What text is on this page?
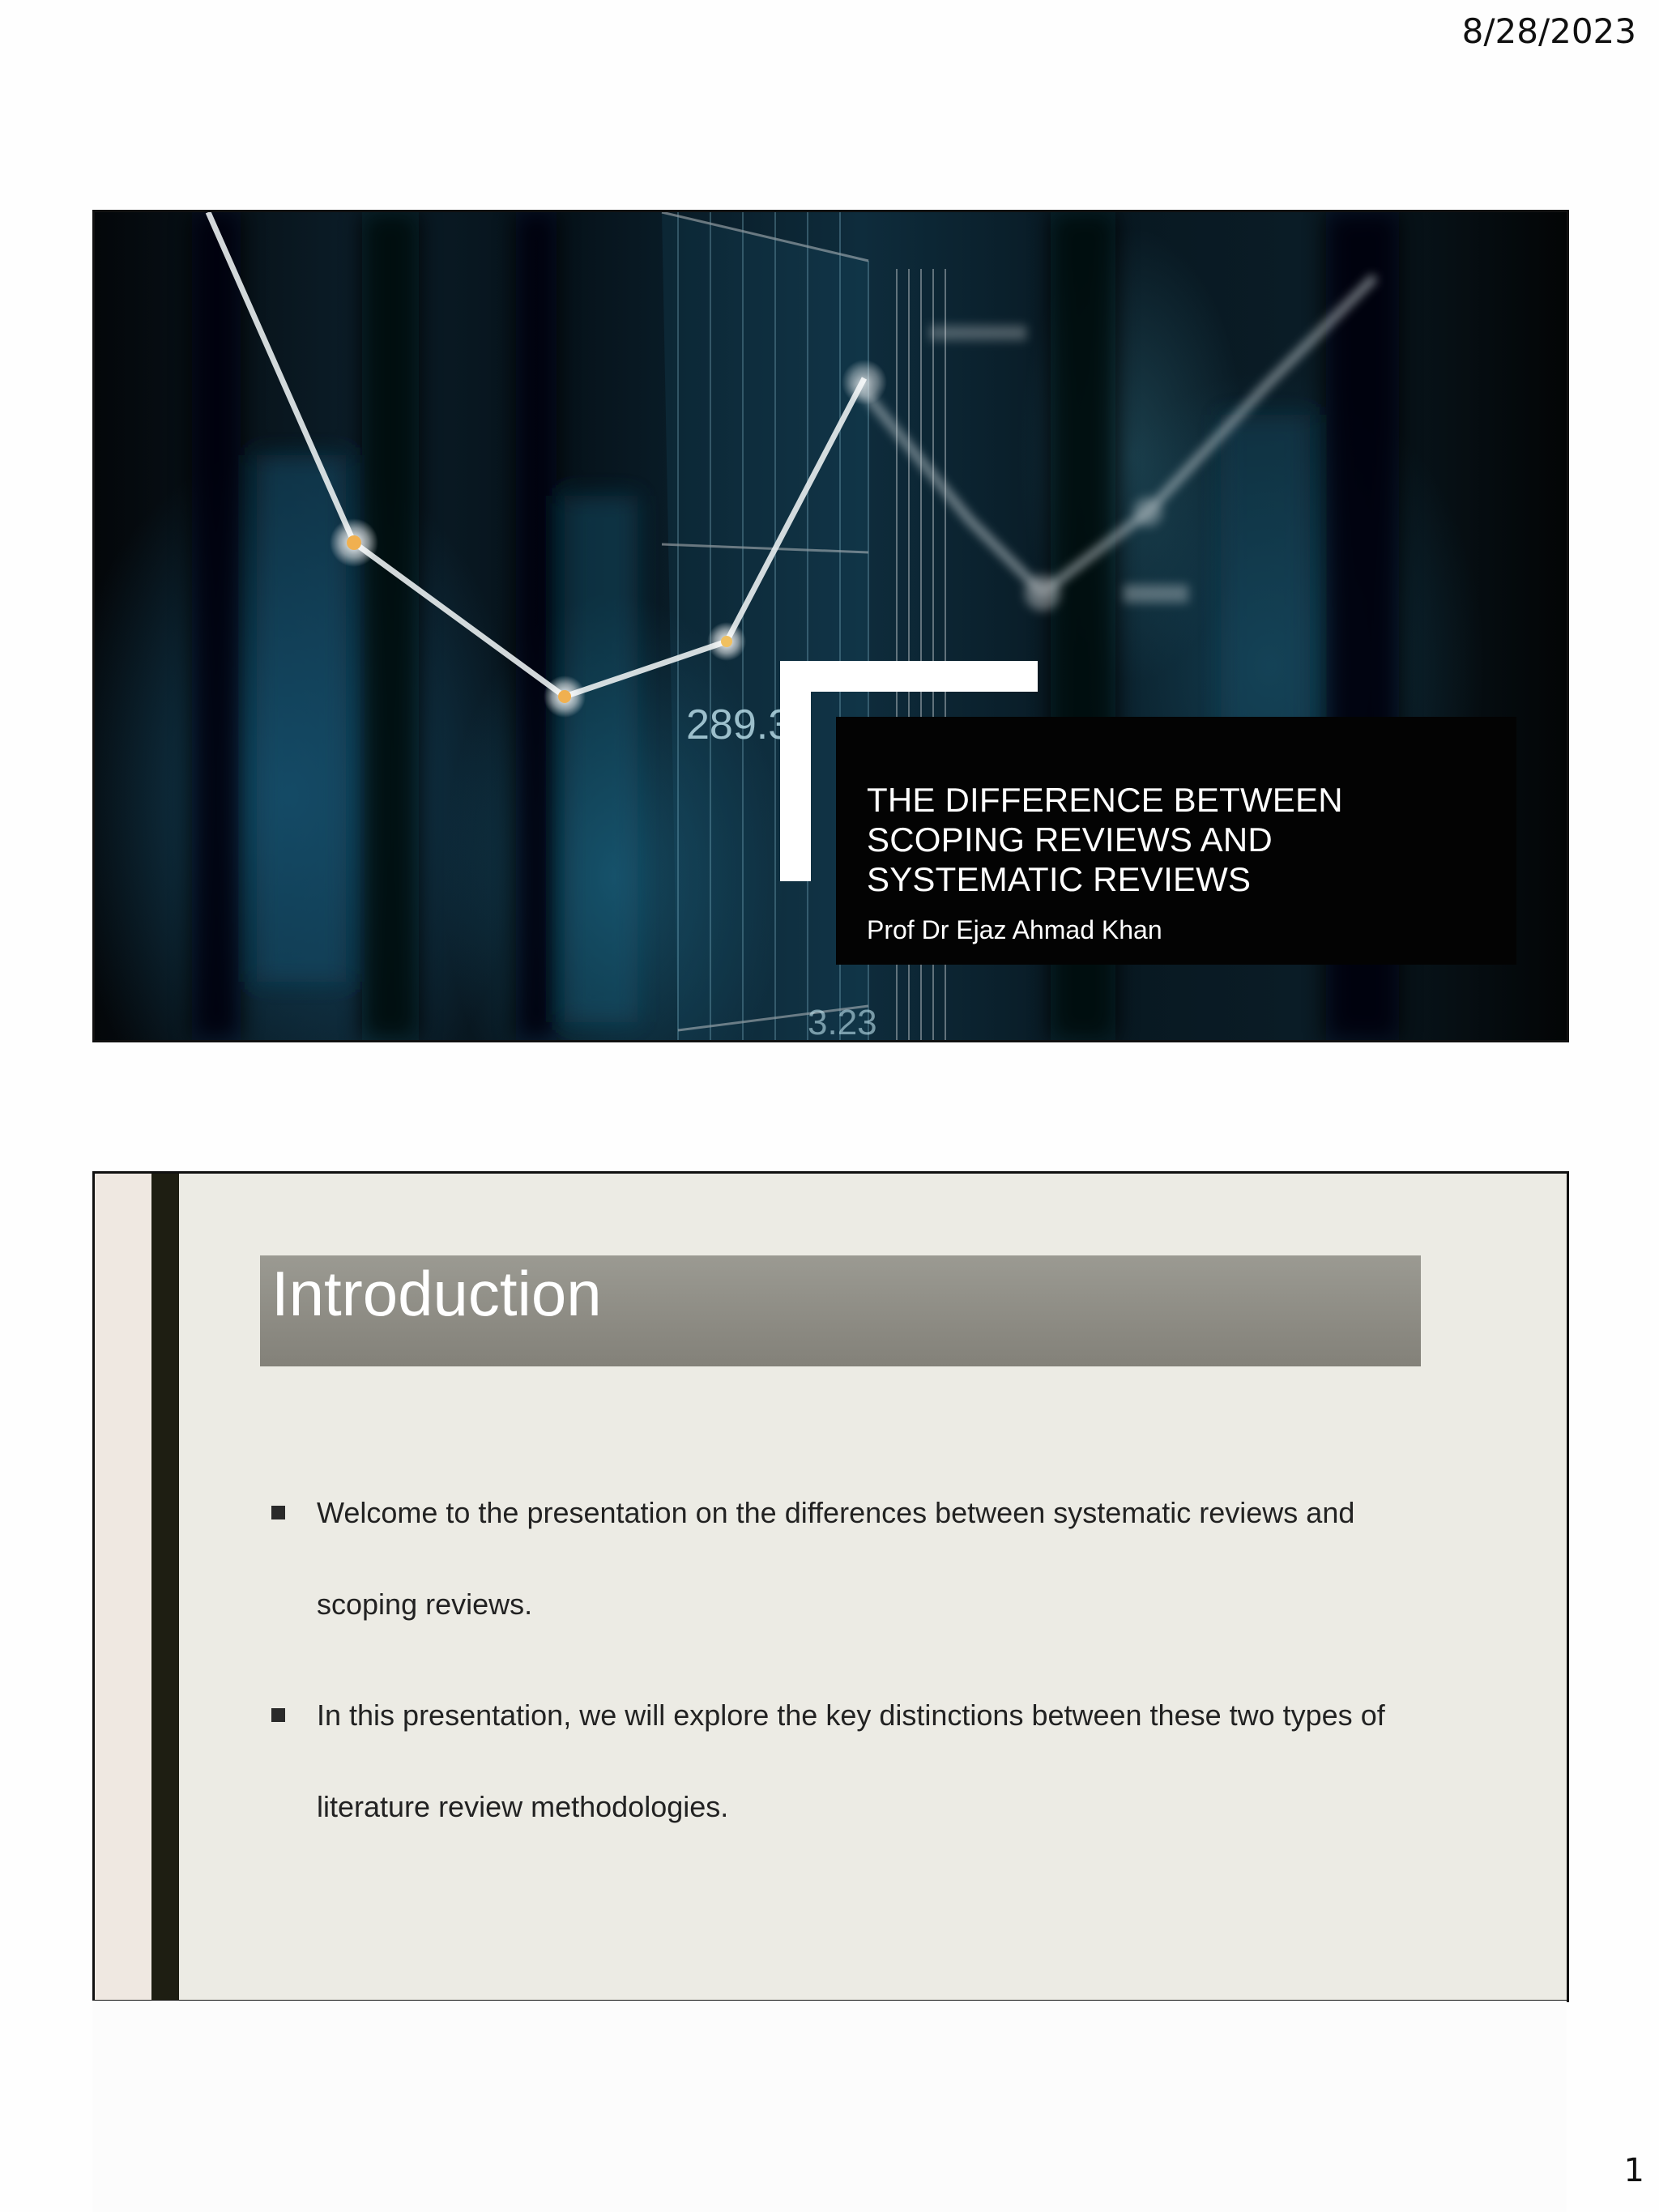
8/28/2023
289.3
3.23
THE DIFFERENCE BETWEEN SCOPING REVIEWS AND SYSTEMATIC REVIEWS
Prof Dr Ejaz Ahmad Khan
Introduction
Welcome to the presentation on the differences between systematic reviews and scoping reviews.
In this presentation, we will explore the key distinctions between these two types of literature review methodologies.
1
